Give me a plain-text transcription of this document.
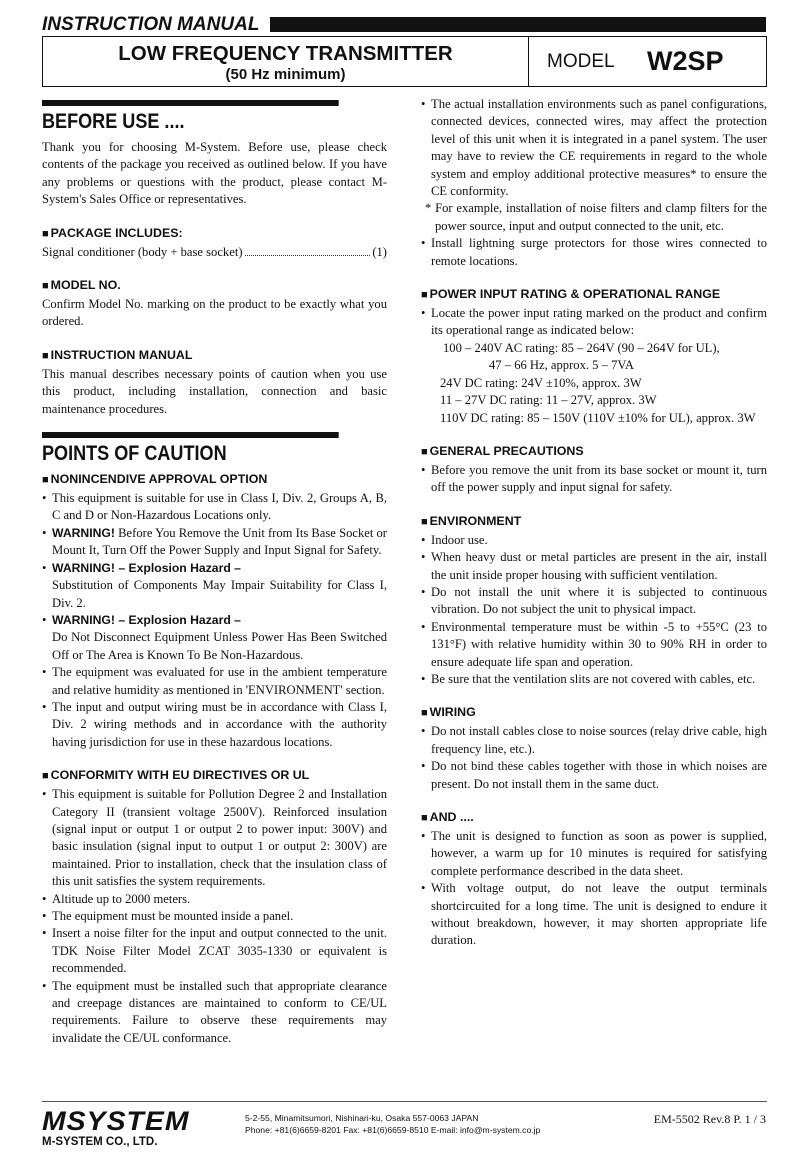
INSTRUCTION MANUAL
LOW FREQUENCY TRANSMITTER
(50 Hz minimum)
MODEL W2SP
BEFORE USE ....

Thank you for choosing M-System. Before use, please check contents of the package you received as outlined below. If you have any problems or questions with the product, please contact M-System's Sales Office or representatives.

■ PACKAGE INCLUDES:
Signal conditioner (body + base socket)	(1)
■ MODEL NO.

Confirm Model No. marking on the product to be exactly what you ordered.

■ INSTRUCTION MANUAL

This manual describes necessary points of caution when you use this product, including installation, connection and basic maintenance procedures.

POINTS OF CAUTION
■ NONINCENDIVE APPROVAL OPTION
• This equipment is suitable for use in Class I, Div. 2, Groups A, B, C and D or Non-Hazardous Locations only.
• WARNING! Before You Remove the Unit from Its Base Socket or Mount It, Turn Off the Power Supply and Input Signal for Safety.
• WARNING! – Explosion Hazard –
Substitution of Components May Impair Suitability for Class I, Div. 2.
• WARNING! – Explosion Hazard –
Do Not Disconnect Equipment Unless Power Has Been Switched Off or The Area is Known To Be Non-Hazardous.
• The equipment was evaluated for use in the ambient temperature and relative humidity as mentioned in 'ENVIRONMENT' section.
• The input and output wiring must be in accordance with Class I, Div. 2 wiring methods and in accordance with the authority having jurisdiction for use in these hazardous locations.
■ CONFORMITY WITH EU DIRECTIVES OR UL
• This equipment is suitable for Pollution Degree 2 and Installation Category II (transient voltage 2500V). Reinforced insulation (signal input or output 1 or output 2 to power input: 300V) and basic insulation (signal input to output 1 or output 2: 300V) are maintained. Prior to installation, check that the insulation class of this unit satisfies the system requirements.
• Altitude up to 2000 meters.
• The equipment must be mounted inside a panel.
• Insert a noise filter for the input and output connected to the unit. TDK Noise Filter Model ZCAT 3035-1330 or equivalent is recommended.
• The equipment must be installed such that appropriate clearance and creepage distances are maintained to conform to CE/UL requirements. Failure to observe these requirements may invalidate the CE/UL conformance.
• The actual installation environments such as panel configurations, connected devices, connected wires, may affect the protection level of this unit when it is integrated in a panel system. The user may have to review the CE requirements in regard to the whole system and employ additional protective measures* to ensure the CE conformity.
* For example, installation of noise filters and clamp filters for the power source, input and output connected to the unit, etc.
• Install lightning surge protectors for those wires connected to remote locations.
■ POWER INPUT RATING & OPERATIONAL RANGE
• Locate the power input rating marked on the product and confirm its operational range as indicated below:
100 – 240V AC rating: 85 – 264V (90 – 264V for UL),
47 – 66 Hz, approx. 5 – 7VA
24V DC rating: 24V ±10%, approx. 3W
11 – 27V DC rating: 11 – 27V, approx. 3W
110V DC rating: 85 – 150V (110V ±10% for UL), approx. 3W
■ GENERAL PRECAUTIONS
• Before you remove the unit from its base socket or mount it, turn off the power supply and input signal for safety.
■ ENVIRONMENT
• Indoor use.
• When heavy dust or metal particles are present in the air, install the unit inside proper housing with sufficient ventilation.
• Do not install the unit where it is subjected to continuous vibration. Do not subject the unit to physical impact.
• Environmental temperature must be within -5 to +55°C (23 to 131°F) with relative humidity within 30 to 90% RH in order to ensure adequate life span and operation.
• Be sure that the ventilation slits are not covered with cables, etc.
■ WIRING
• Do not install cables close to noise sources (relay drive cable, high frequency line, etc.).
• Do not bind these cables together with those in which noises are present. Do not install them in the same duct.
■ AND ....
• The unit is designed to function as soon as power is supplied, however, a warm up for 10 minutes is required for satisfying complete performance described in the data sheet.
• With voltage output, do not leave the output terminals shortcircuited for a long time. The unit is designed to endure it without breakdown, however, it may shorten appropriate life duration.
MSYSTEM
M-SYSTEM CO., LTD.
5-2-55, Minamitsumori, Nishinari-ku, Osaka 557-0063 JAPAN
Phone: +81(6)6659-8201 Fax: +81(6)6659-8510 E-mail: info@m-system.co.jp
EM-5502 Rev.8 P. 1 / 3
